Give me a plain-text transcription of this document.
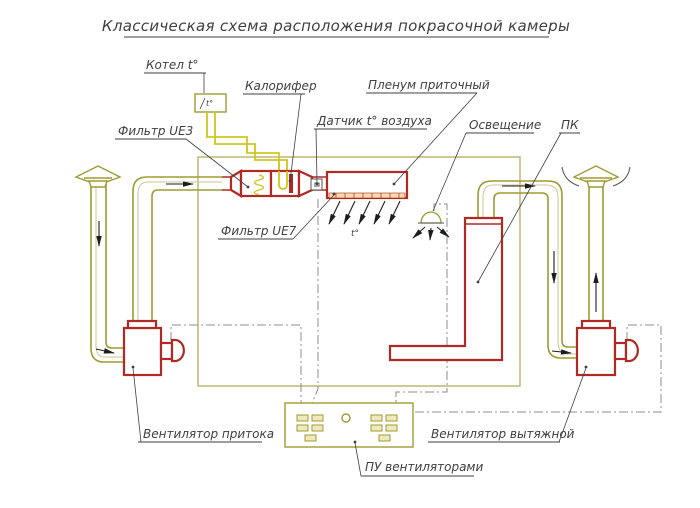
Классическая схема расположения покрасочной камеры
Котел t°
Калорифер	Пленум приточный
Фильтр UE3
Датчик t° воздуха	Освещение ПК
Фильтр UE7
Вентилятор притока	Вентилятор вытяжной
ПУ вентиляторами
t°
t°
